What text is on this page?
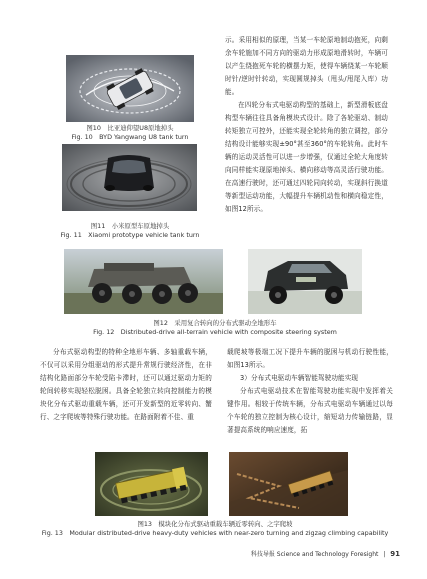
图10　比亚迪仰望U8原地掉头
Fig. 10　BYD Yangwang U8 tank turn
图11　小米原型车原地掉头
Fig. 11　Xiaomi prototype vehicle tank turn

示。采用相似的原理，当某一车轮原地制动抱死，向剩余车轮施加不同方向的驱动力形成原地滑转时，车辆可以产生绕抱死车轮的横摆力矩，使得车辆绕某一车轮顺时针/逆时针转动，实现圆规掉头（甩头/甩尾入库）功能。

在四轮分布式电驱动构型的基础上，新型滑板底盘构型车辆往往具备角模块式设计。除了各轮驱动、制动转矩独立可控外，还能实现全轮转角的独立调控，部分结构设计能够实现±90°甚至360°的车轮转角。此时车辆的运动灵活性可以进一步增强，仅通过全轮大角度转向同样能实现原地掉头、横向移动等高灵活行驶功能。在高速行驶时，还可通过四轮同向转动，实现斜行换道等新型运动功能，大幅提升车辆机动性和横向稳定性，如图12所示。

图12　采用复合转向的分布式驱动全地形车
Fig. 12　Distributed-drive all-terrain vehicle with composite steering system

分布式驱动构型的特种全地形车辆、多轴重载车辆，不仅可以采用分组驱动的形式提升常规行驶经济性，在非结构化路面部分车轮受陷卡滞时，还可以通过驱动力矩的轮间转移实现轻松脱困。具备全轮独立转向控制能力的模块化分布式驱动重载车辆，还可开发新型的近零转向、蟹行、之字爬坡等特殊行驶功能。在路面附着不佳、重

载爬坡等极端工况下提升车辆的脱困与机动行驶性能，如图13所示。

3）分布式电驱动车辆智能驾驶功能实现

分布式电驱动技术在智能驾驶功能实现中发挥着关键作用。相较于传统车辆，分布式电驱动车辆通过以每个车轮的独立控制为核心设计，缩短动力传输链路，显著提高系统的响应速度，拓

图13　模块化分布式驱动重载车辆近零转向、之字爬坡
Fig. 13　Modular distributed-drive heavy-duty vehicles with near-zero turning and zigzag climbing capability
科技导报 Science and Technology Foresight | 91
